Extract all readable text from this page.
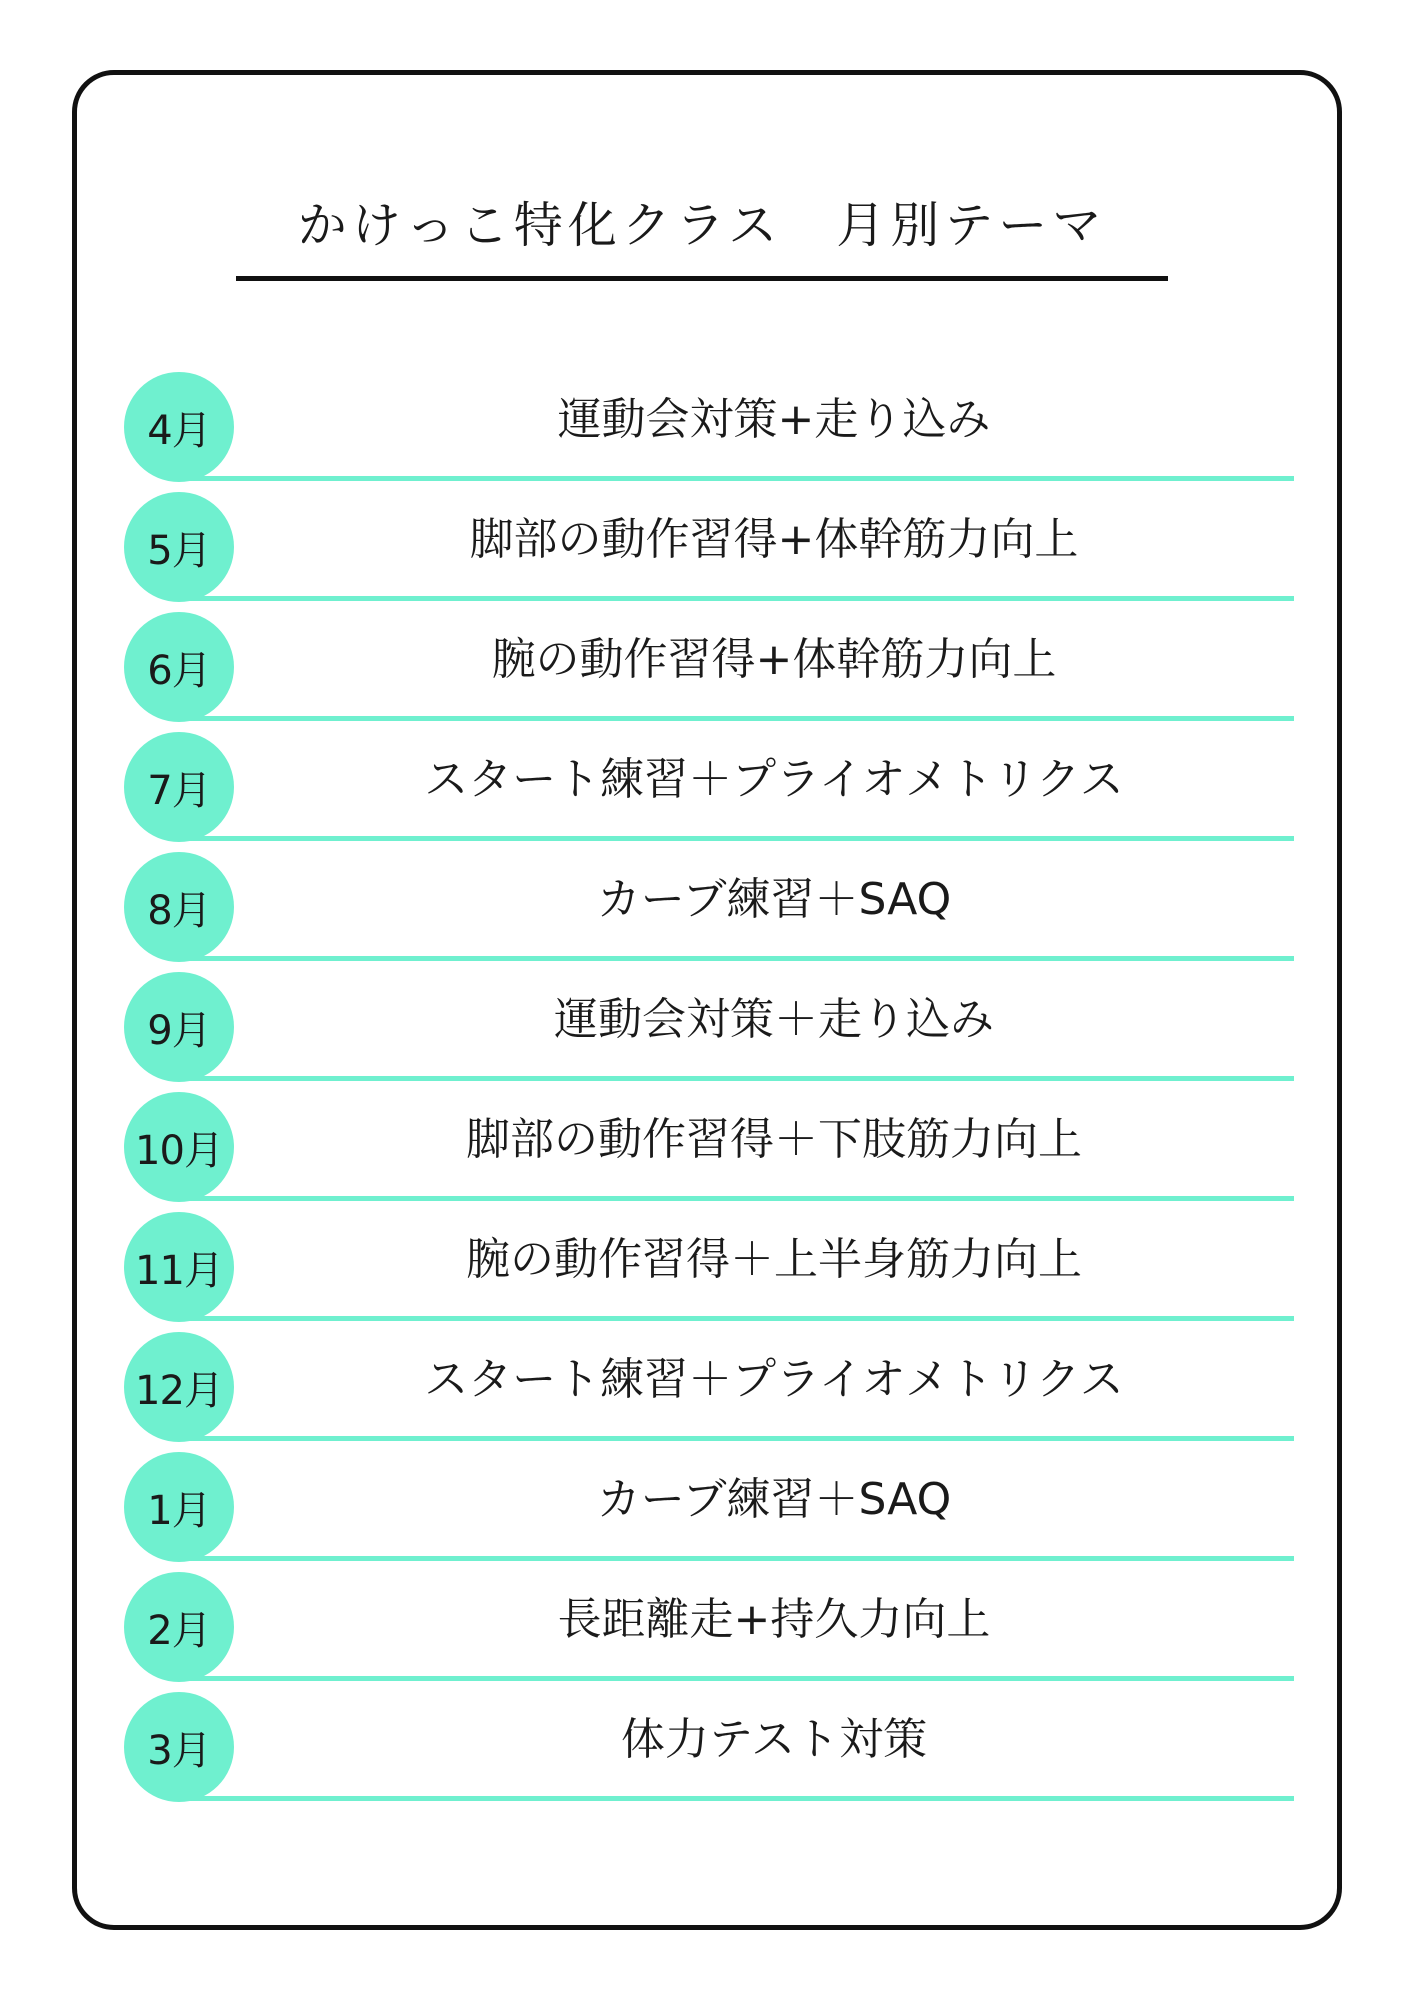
かけっこ特化クラス　月別テーマ
4月	運動会対策+走り込み
5月	脚部の動作習得+体幹筋力向上
6月	腕の動作習得+体幹筋力向上
7月	スタート練習＋プライオメトリクス
8月	カーブ練習＋SAQ
9月	運動会対策＋走り込み
10月	脚部の動作習得＋下肢筋力向上
11月	腕の動作習得＋上半身筋力向上
12月	スタート練習＋プライオメトリクス
1月	カーブ練習＋SAQ
2月	長距離走+持久力向上
3月	体力テスト対策
